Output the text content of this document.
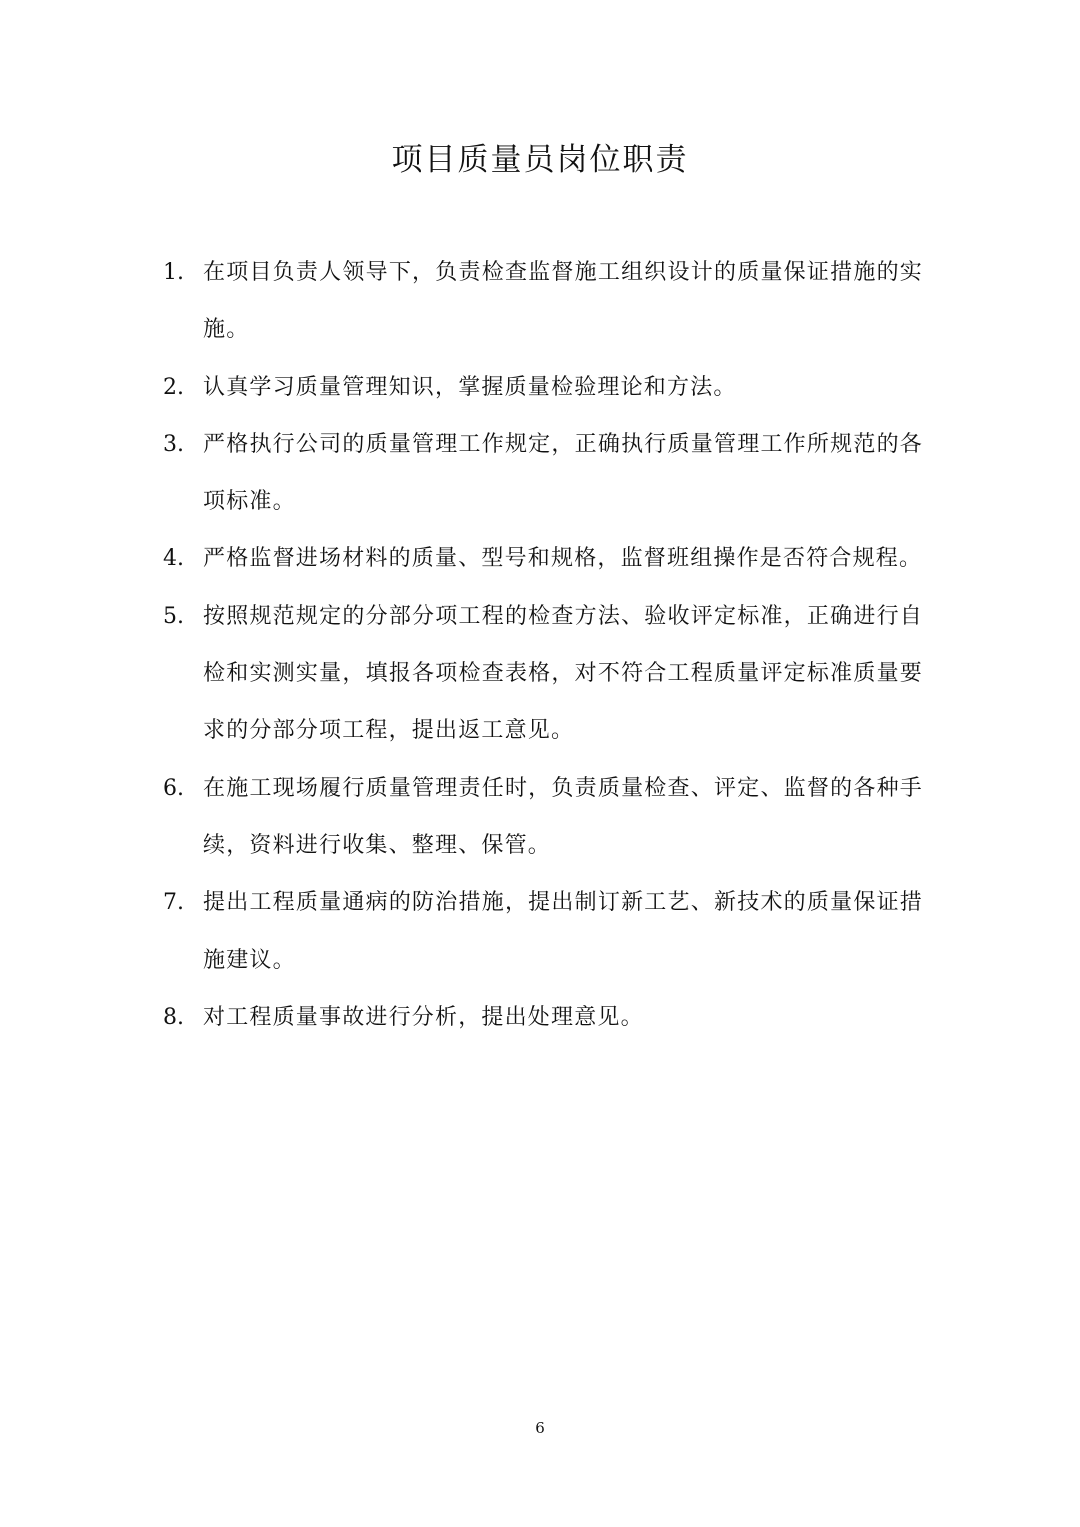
项目质量员岗位职责
1. 在项目负责人领导下，负责检查监督施工组织设计的质量保证措施的实施。
2. 认真学习质量管理知识，掌握质量检验理论和方法。
3. 严格执行公司的质量管理工作规定，正确执行质量管理工作所规范的各项标准。
4. 严格监督进场材料的质量、型号和规格，监督班组操作是否符合规程。
5. 按照规范规定的分部分项工程的检查方法、验收评定标准，正确进行自检和实测实量，填报各项检查表格，对不符合工程质量评定标准质量要求的分部分项工程，提出返工意见。
6. 在施工现场履行质量管理责任时，负责质量检查、评定、监督的各种手续，资料进行收集、整理、保管。
7. 提出工程质量通病的防治措施，提出制订新工艺、新技术的质量保证措施建议。
8. 对工程质量事故进行分析，提出处理意见。
6
